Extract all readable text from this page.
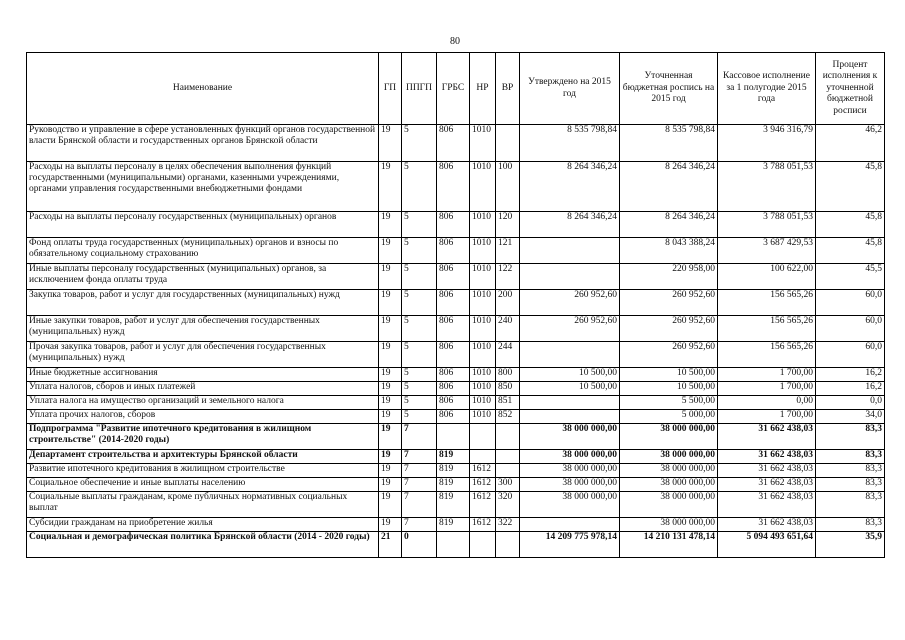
80
Наименование	ГП	ППГП	ГРБС	НР	ВР	Утверждено на 2015 год	Уточненная бюджетная роспись на 2015 год	Кассовое исполнение за 1 полугодие 2015 года	Процент исполнения к уточненной бюджетной росписи
Руководство и управление в сфере установленных функций органов государственной власти Брянской области и государственных органов Брянской области	19	5	806	1010		8 535 798,84	8 535 798,84	3 946 316,79	46,2
Расходы на выплаты персоналу в целях обеспечения выполнения функций государственными (муниципальными) органами, казенными учреждениями, органами управления государственными внебюджетными фондами	19	5	806	1010	100	8 264 346,24	8 264 346,24	3 788 051,53	45,8
Расходы на выплаты персоналу государственных (муниципальных) органов	19	5	806	1010	120	8 264 346,24	8 264 346,24	3 788 051,53	45,8
Фонд оплаты труда государственных (муниципальных) органов и взносы по обязательному социальному страхованию	19	5	806	1010	121		8 043 388,24	3 687 429,53	45,8
Иные выплаты персоналу государственных (муниципальных) органов, за исключением фонда оплаты труда	19	5	806	1010	122		220 958,00	100 622,00	45,5
Закупка товаров, работ и услуг для государственных (муниципальных) нужд	19	5	806	1010	200	260 952,60	260 952,60	156 565,26	60,0
Иные закупки товаров, работ и услуг для обеспечения государственных (муниципальных) нужд	19	5	806	1010	240	260 952,60	260 952,60	156 565,26	60,0
Прочая закупка товаров, работ и услуг для обеспечения государственных (муниципальных) нужд	19	5	806	1010	244		260 952,60	156 565,26	60,0
Иные бюджетные ассигнования	19	5	806	1010	800	10 500,00	10 500,00	1 700,00	16,2
Уплата налогов, сборов и иных платежей	19	5	806	1010	850	10 500,00	10 500,00	1 700,00	16,2
Уплата налога на имущество организаций и земельного налога	19	5	806	1010	851		5 500,00	0,00	0,0
Уплата прочих налогов, сборов	19	5	806	1010	852		5 000,00	1 700,00	34,0
Подпрограмма "Развитие ипотечного кредитования в жилищном строительстве" (2014-2020 годы)	19	7				38 000 000,00	38 000 000,00	31 662 438,03	83,3
Департамент строительства и архитектуры Брянской области	19	7	819			38 000 000,00	38 000 000,00	31 662 438,03	83,3
Развитие ипотечного кредитования в жилищном строительстве	19	7	819	1612		38 000 000,00	38 000 000,00	31 662 438,03	83,3
Социальное обеспечение и иные выплаты населению	19	7	819	1612	300	38 000 000,00	38 000 000,00	31 662 438,03	83,3
Социальные выплаты гражданам, кроме публичных нормативных социальных выплат	19	7	819	1612	320	38 000 000,00	38 000 000,00	31 662 438,03	83,3
Субсидии гражданам на приобретение жилья	19	7	819	1612	322		38 000 000,00	31 662 438,03	83,3
Социальная и демографическая политика Брянской области (2014 - 2020 годы)	21	0				14 209 775 978,14	14 210 131 478,14	5 094 493 651,64	35,9
